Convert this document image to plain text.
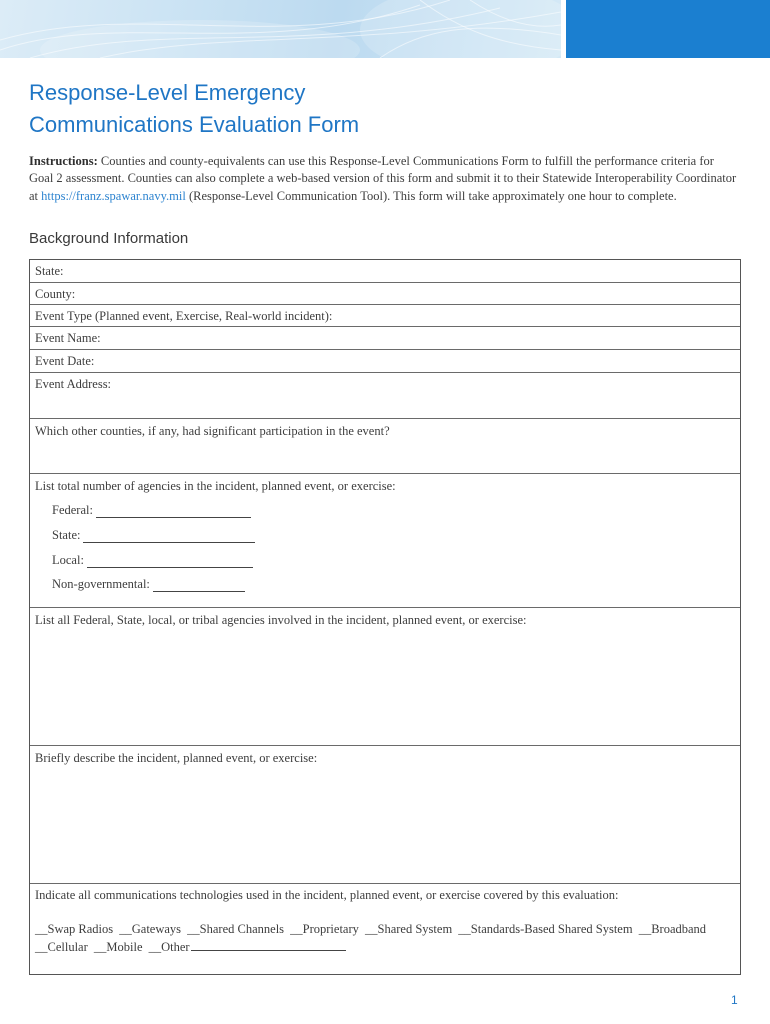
Response-Level Emergency
Communications Evaluation Form
Instructions: Counties and county-equivalents can use this Response-Level Communications Form to fulfill the performance criteria for Goal 2 assessment. Counties can also complete a web-based version of this form and submit it to their Statewide Interoperability Coordinator at https://franz.spawar.navy.mil (Response-Level Communication Tool). This form will take approximately one hour to complete.
Background Information
State:
County:
Event Type (Planned event, Exercise, Real-world incident):
Event Name:
Event Date:
Event Address:
Which other counties, if any, had significant participation in the event?
List total number of agencies in the incident, planned event, or exercise:
Federal:
State:
Local:
Non-governmental:
List all Federal, State, local, or tribal agencies involved in the incident, planned event, or exercise:
Briefly describe the incident, planned event, or exercise:
Indicate all communications technologies used in the incident, planned event, or exercise covered by this evaluation:
__Swap Radios __Gateways __Shared Channels __Proprietary __Shared System __Standards-Based Shared System __Broadband
__Cellular __Mobile __Other
1
